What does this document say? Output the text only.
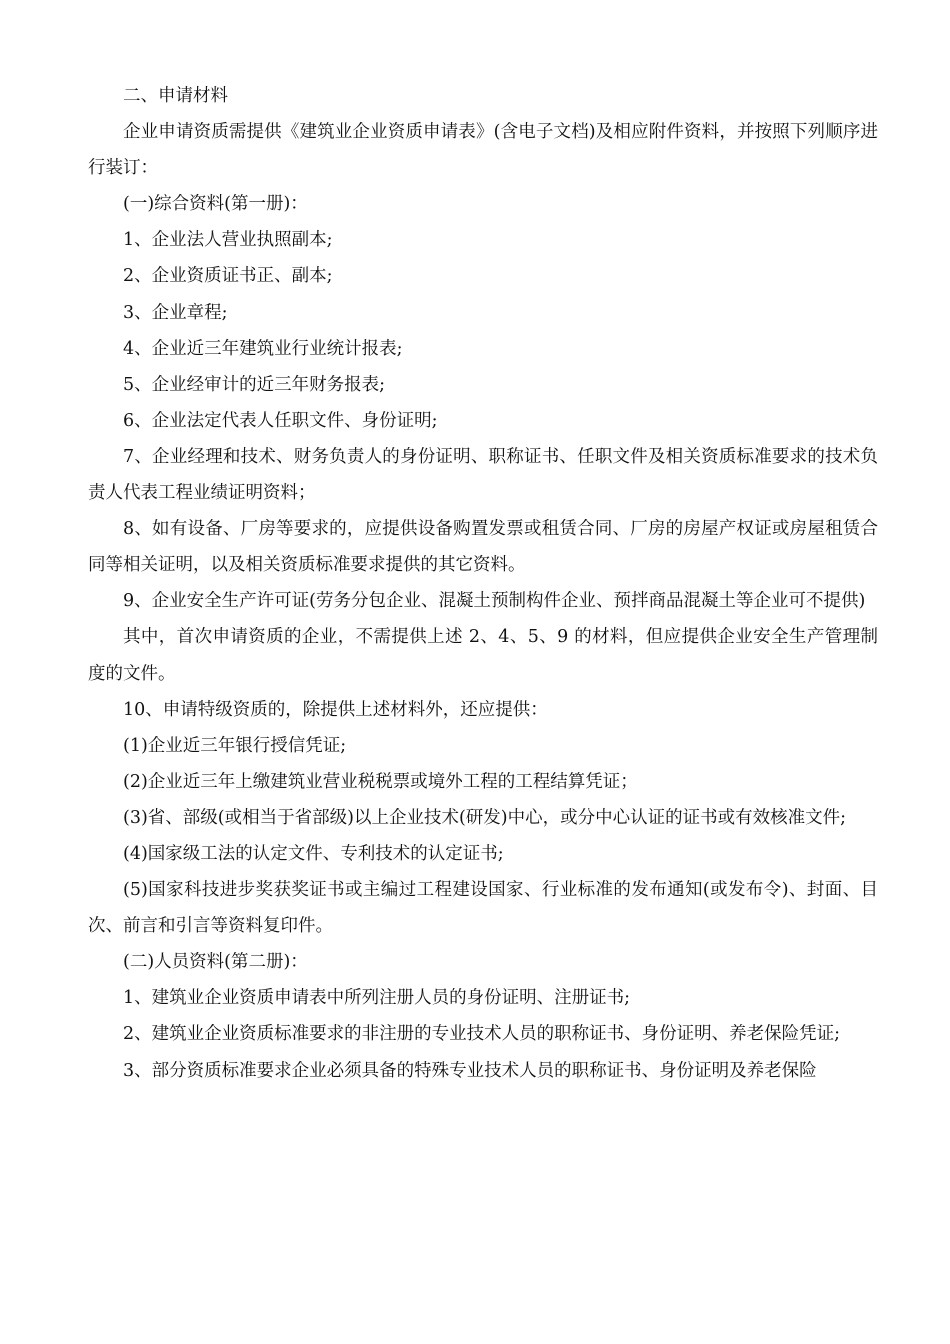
二、申请材料

企业申请资质需提供《建筑业企业资质申请表》(含电子文档)及相应附件资料，并按照下列顺序进行装订：

(一)综合资料(第一册)：

1、企业法人营业执照副本;

2、企业资质证书正、副本;

3、企业章程;

4、企业近三年建筑业行业统计报表;

5、企业经审计的近三年财务报表;

6、企业法定代表人任职文件、身份证明;

7、企业经理和技术、财务负责人的身份证明、职称证书、任职文件及相关资质标准要求的技术负责人代表工程业绩证明资料；

8、如有设备、厂房等要求的，应提供设备购置发票或租赁合同、厂房的房屋产权证或房屋租赁合同等相关证明，以及相关资质标准要求提供的其它资料。

9、企业安全生产许可证(劳务分包企业、混凝土预制构件企业、预拌商品混凝土等企业可不提供)

其中，首次申请资质的企业，不需提供上述 2、4、5、9 的材料，但应提供企业安全生产管理制度的文件。

10、申请特级资质的，除提供上述材料外，还应提供：

(1)企业近三年银行授信凭证;

(2)企业近三年上缴建筑业营业税税票或境外工程的工程结算凭证；

(3)省、部级(或相当于省部级)以上企业技术(研发)中心，或分中心认证的证书或有效核准文件;

(4)国家级工法的认定文件、专利技术的认定证书;

(5)国家科技进步奖获奖证书或主编过工程建设国家、行业标准的发布通知(或发布令)、封面、目次、前言和引言等资料复印件。

(二)人员资料(第二册)：

1、建筑业企业资质申请表中所列注册人员的身份证明、注册证书;

2、建筑业企业资质标准要求的非注册的专业技术人员的职称证书、身份证明、养老保险凭证;

3、部分资质标准要求企业必须具备的特殊专业技术人员的职称证书、身份证明及养老保险
